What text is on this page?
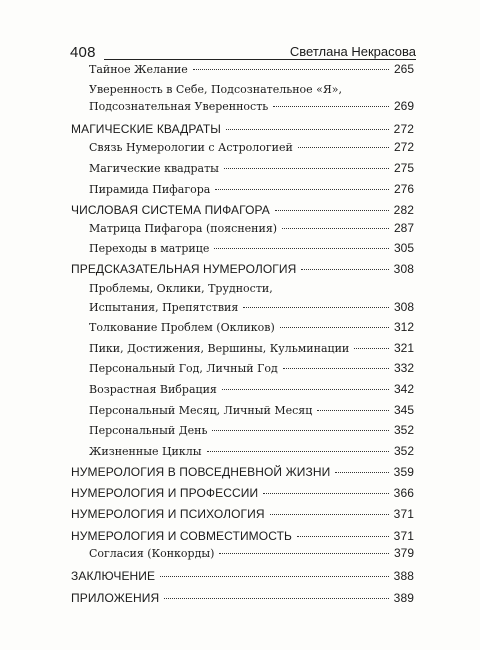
408	Светлана Некрасова
Тайное Желание	265
Уверенность в Себе, Подсознательное «Я»,
Подсознательная Уверенность	269
МАГИЧЕСКИЕ КВАДРАТЫ	272
Связь Нумерологии с Астрологией	272
Магические квадраты	275
Пирамида Пифагора	276
ЧИСЛОВАЯ СИСТЕМА ПИФАГОРА	282
Матрица Пифагора (пояснения)	287
Переходы в матрице	305
ПРЕДСКАЗАТЕЛЬНАЯ НУМЕРОЛОГИЯ	308
Проблемы, Оклики, Трудности,
Испытания, Препятствия	308
Толкование Проблем (Окликов)	312
Пики, Достижения, Вершины, Кульминации	321
Персональный Год, Личный Год	332
Возрастная Вибрация	342
Персональный Месяц, Личный Месяц	345
Персональный День	352
Жизненные Циклы	352
НУМЕРОЛОГИЯ В ПОВСЕДНЕВНОЙ ЖИЗНИ	359
НУМЕРОЛОГИЯ И ПРОФЕССИИ	366
НУМЕРОЛОГИЯ И ПСИХОЛОГИЯ	371
НУМЕРОЛОГИЯ И СОВМЕСТИМОСТЬ	371
Согласия (Конкорды)	379
ЗАКЛЮЧЕНИЕ	388
ПРИЛОЖЕНИЯ	389
